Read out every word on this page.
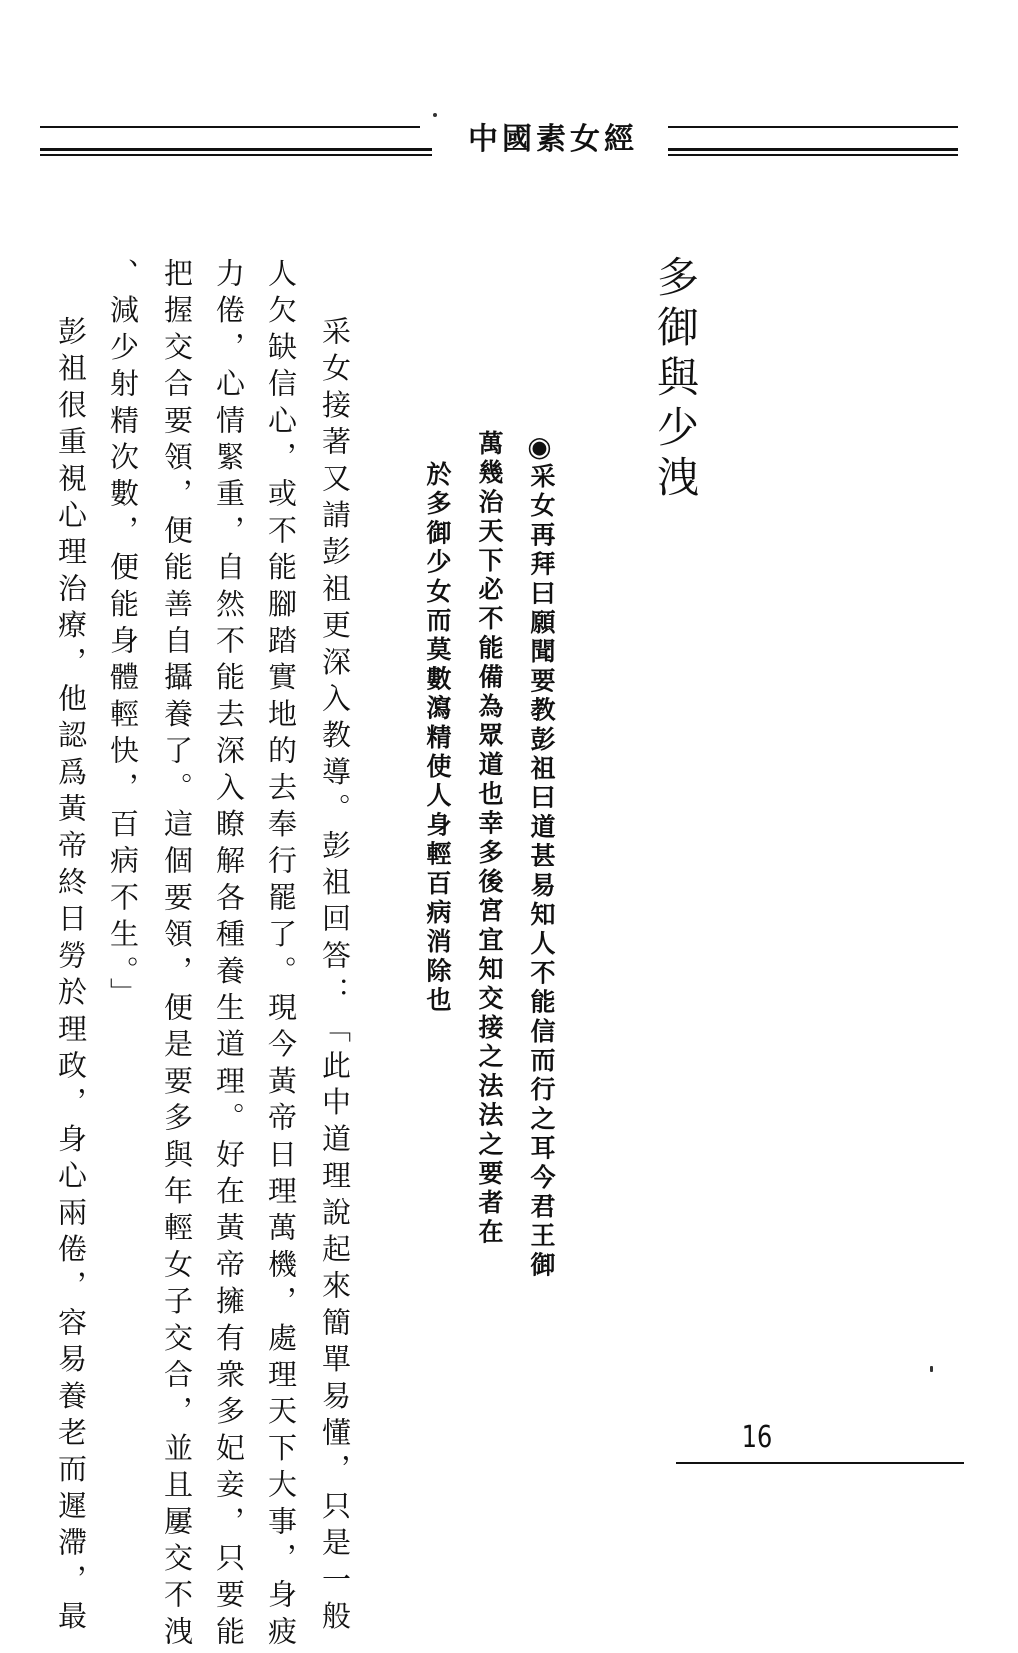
中國素女經
多御與少洩
◉
采女再拜曰願聞要教彭祖曰道甚易知人不能信而行之耳今君王御
萬幾治天下必不能備為眾道也幸多後宮宜知交接之法法之要者在
於多御少女而莫數瀉精使人身輕百病消除也
采女接著又請彭祖更深入教導。彭祖回答：「此中道理說起來簡單易懂，只是一般
人欠缺信心，或不能腳踏實地的去奉行罷了。現今黃帝日理萬機，處理天下大事，身疲
力倦，心情緊重，自然不能去深入瞭解各種養生道理。好在黃帝擁有衆多妃妾，只要能
把握交合要領，便能善自攝養了。這個要領，便是要多與年輕女子交合，並且屢交不洩
、減少射精次數，便能身體輕快，百病不生。」
彭祖很重視心理治療，他認爲黃帝終日勞於理政，身心兩倦，容易養老而遲滯，最	16
